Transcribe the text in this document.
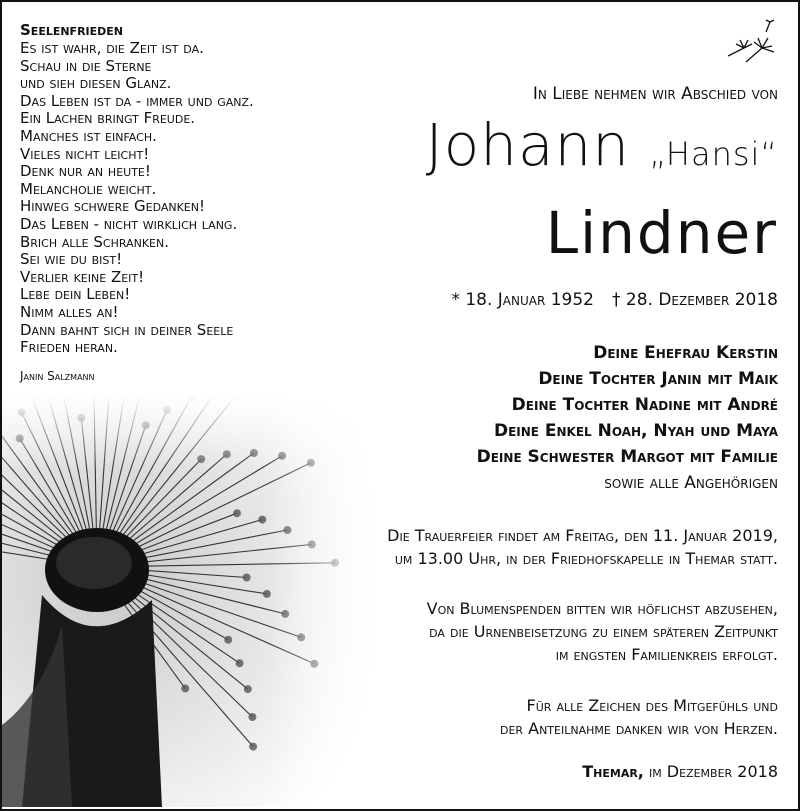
Seelenfrieden
Es ist wahr, die Zeit ist da.
Schau in die Sterne
und sieh diesen Glanz.
Das Leben ist da - immer und ganz.
Ein Lachen bringt Freude.
Manches ist einfach.
Vieles nicht leicht!
Denk nur an heute!
Melancholie weicht.
Hinweg schwere Gedanken!
Das Leben - nicht wirklich lang.
Brich alle Schranken.
Sei wie du bist!
Verlier keine Zeit!
Lebe dein Leben!
Nimm alles an!
Dann bahnt sich in deiner Seele
Frieden heran.
Janin Salzmann
In Liebe nehmen wir Abschied von
Johann „Hansi“
Lindner
* 18. Januar 1952 † 28. Dezember 2018
Deine Ehefrau Kerstin
Deine Tochter Janin mit Maik
Deine Tochter Nadine mit André
Deine Enkel Noah, Nyah und Maya
Deine Schwester Margot mit Familie
sowie alle Angehörigen
Die Trauerfeier findet am Freitag, den 11. Januar 2019,
um 13.00 Uhr, in der Friedhofskapelle in Themar statt.
Von Blumenspenden bitten wir höflichst abzusehen,
da die Urnenbeisetzung zu einem späteren Zeitpunkt
im engsten Familienkreis erfolgt.
Für alle Zeichen des Mitgefühls und
der Anteilnahme danken wir von Herzen.
Themar, im Dezember 2018
